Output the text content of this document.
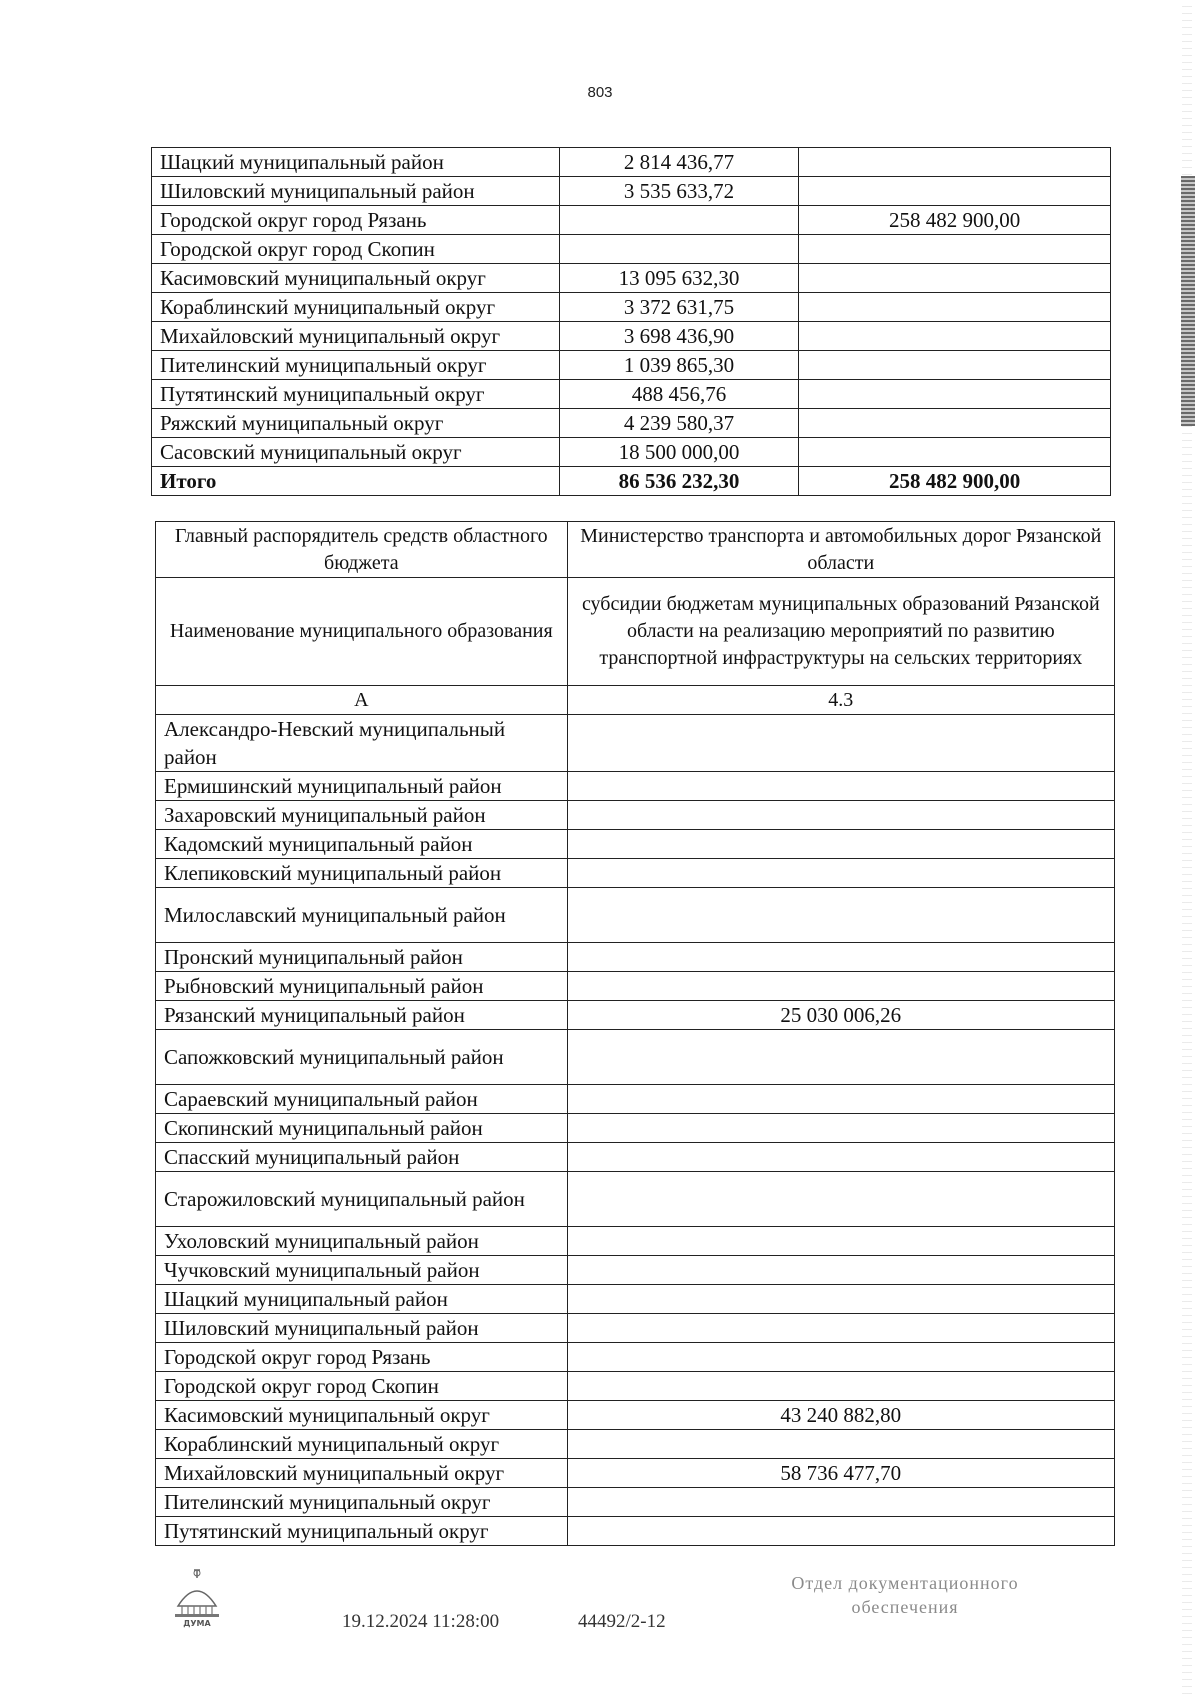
803
Шацкий муниципальный район	2 814 436,77	
Шиловский муниципальный район	3 535 633,72	
Городской округ город Рязань		258 482 900,00
Городской округ город Скопин		
Касимовский муниципальный округ	13 095 632,30	
Кораблинский муниципальный округ	3 372 631,75	
Михайловский муниципальный округ	3 698 436,90	
Пителинский муниципальный округ	1 039 865,30	
Путятинский муниципальный округ	488 456,76	
Ряжский муниципальный округ	4 239 580,37	
Сасовский муниципальный округ	18 500 000,00	
Итого	86 536 232,30	258 482 900,00
Главный распорядитель средств областного бюджета	Министерство транспорта и автомобильных дорог Рязанской области
Наименование муниципального образования	субсидии бюджетам муниципальных образований Рязанской области на реализацию мероприятий по развитию транспортной инфраструктуры на сельских территориях
А	4.3
Александро-Невский муниципальный район	
Ермишинский муниципальный район	
Захаровский муниципальный район	
Кадомский муниципальный район	
Клепиковский муниципальный район	
Милославский муниципальный район	
Пронский муниципальный район	
Рыбновский муниципальный район	
Рязанский муниципальный район	25 030 006,26
Сапожковский муниципальный район	
Сараевский муниципальный район	
Скопинский муниципальный район	
Спасский муниципальный район	
Старожиловский муниципальный район	
Ухоловский муниципальный район	
Чучковский муниципальный район	
Шацкий муниципальный район	
Шиловский муниципальный район	
Городской округ город Рязань	
Городской округ город Скопин	
Касимовский муниципальный округ	43 240 882,80
Кораблинский муниципальный округ	
Михайловский муниципальный округ	58 736 477,70
Пителинский муниципальный округ	
Путятинский муниципальный округ	
ДУМА	19.12.2024 11:28:00	44492/2-12
Отдел документационного
обеспечения
